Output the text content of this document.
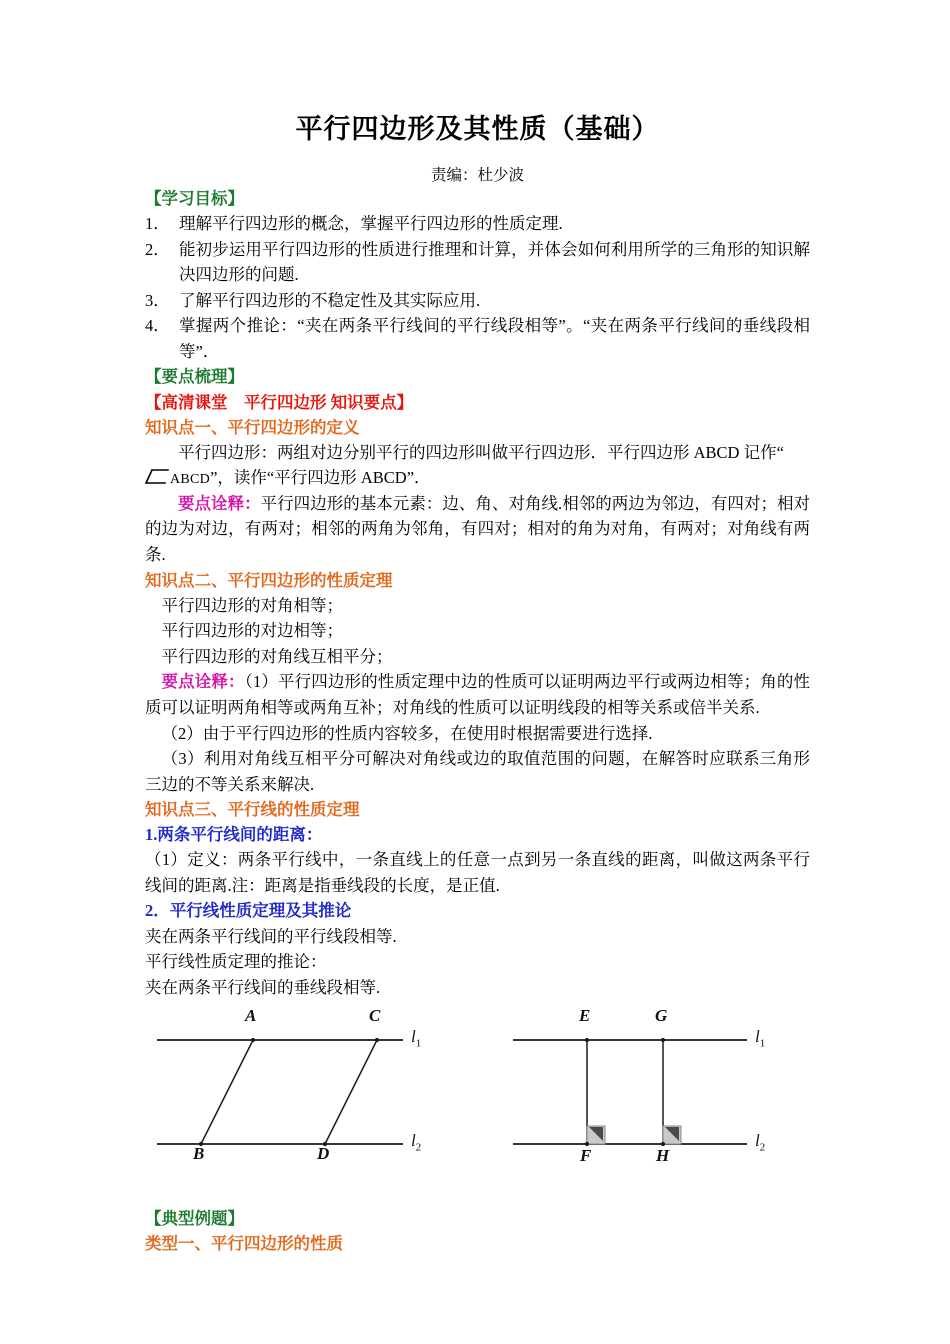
平行四边形及其性质（基础）

责编：杜少波

【学习目标】

1． 理解平行四边形的概念，掌握平行四边形的性质定理.
2． 能初步运用平行四边形的性质进行推理和计算，并体会如何利用所学的三角形的知识解决四边形的问题.
3． 了解平行四边形的不稳定性及其实际应用.
4． 掌握两个推论：“夹在两条平行线间的平行线段相等”。“夹在两条平行线间的垂线段相等”．

【要点梳理】

【高清课堂　平行四边形 知识要点】

知识点一、平行四边形的定义

平行四边形：两组对边分别平行的四边形叫做平行四边形．平行四边形 ABCD 记作“

ABCD”，读作“平行四边形 ABCD”．

要点诠释：平行四边形的基本元素：边、角、对角线.相邻的两边为邻边，有四对；相对的边为对边，有两对；相邻的两角为邻角，有四对；相对的角为对角，有两对；对角线有两条.

知识点二、平行四边形的性质定理

平行四边形的对角相等；

平行四边形的对边相等；

平行四边形的对角线互相平分；

要点诠释：（1）平行四边形的性质定理中边的性质可以证明两边平行或两边相等；角的性质可以证明两角相等或两角互补；对角线的性质可以证明线段的相等关系或倍半关系.

（2）由于平行四边形的性质内容较多，在使用时根据需要进行选择.

（3）利用对角线互相平分可解决对角线或边的取值范围的问题，在解答时应联系三角形三边的不等关系来解决.

知识点三、平行线的性质定理

1.两条平行线间的距离：

（1）定义：两条平行线中，一条直线上的任意一点到另一条直线的距离，叫做这两条平行线间的距离.注：距离是指垂线段的长度，是正值.

2．平行线性质定理及其推论

夹在两条平行线间的平行线段相等.

平行线性质定理的推论：

夹在两条平行线间的垂线段相等.

A	C
B	D
$l_1$
$l_2$
E	G
F	H
$l_1$
$l_2$

【典型例题】

类型一、平行四边形的性质
